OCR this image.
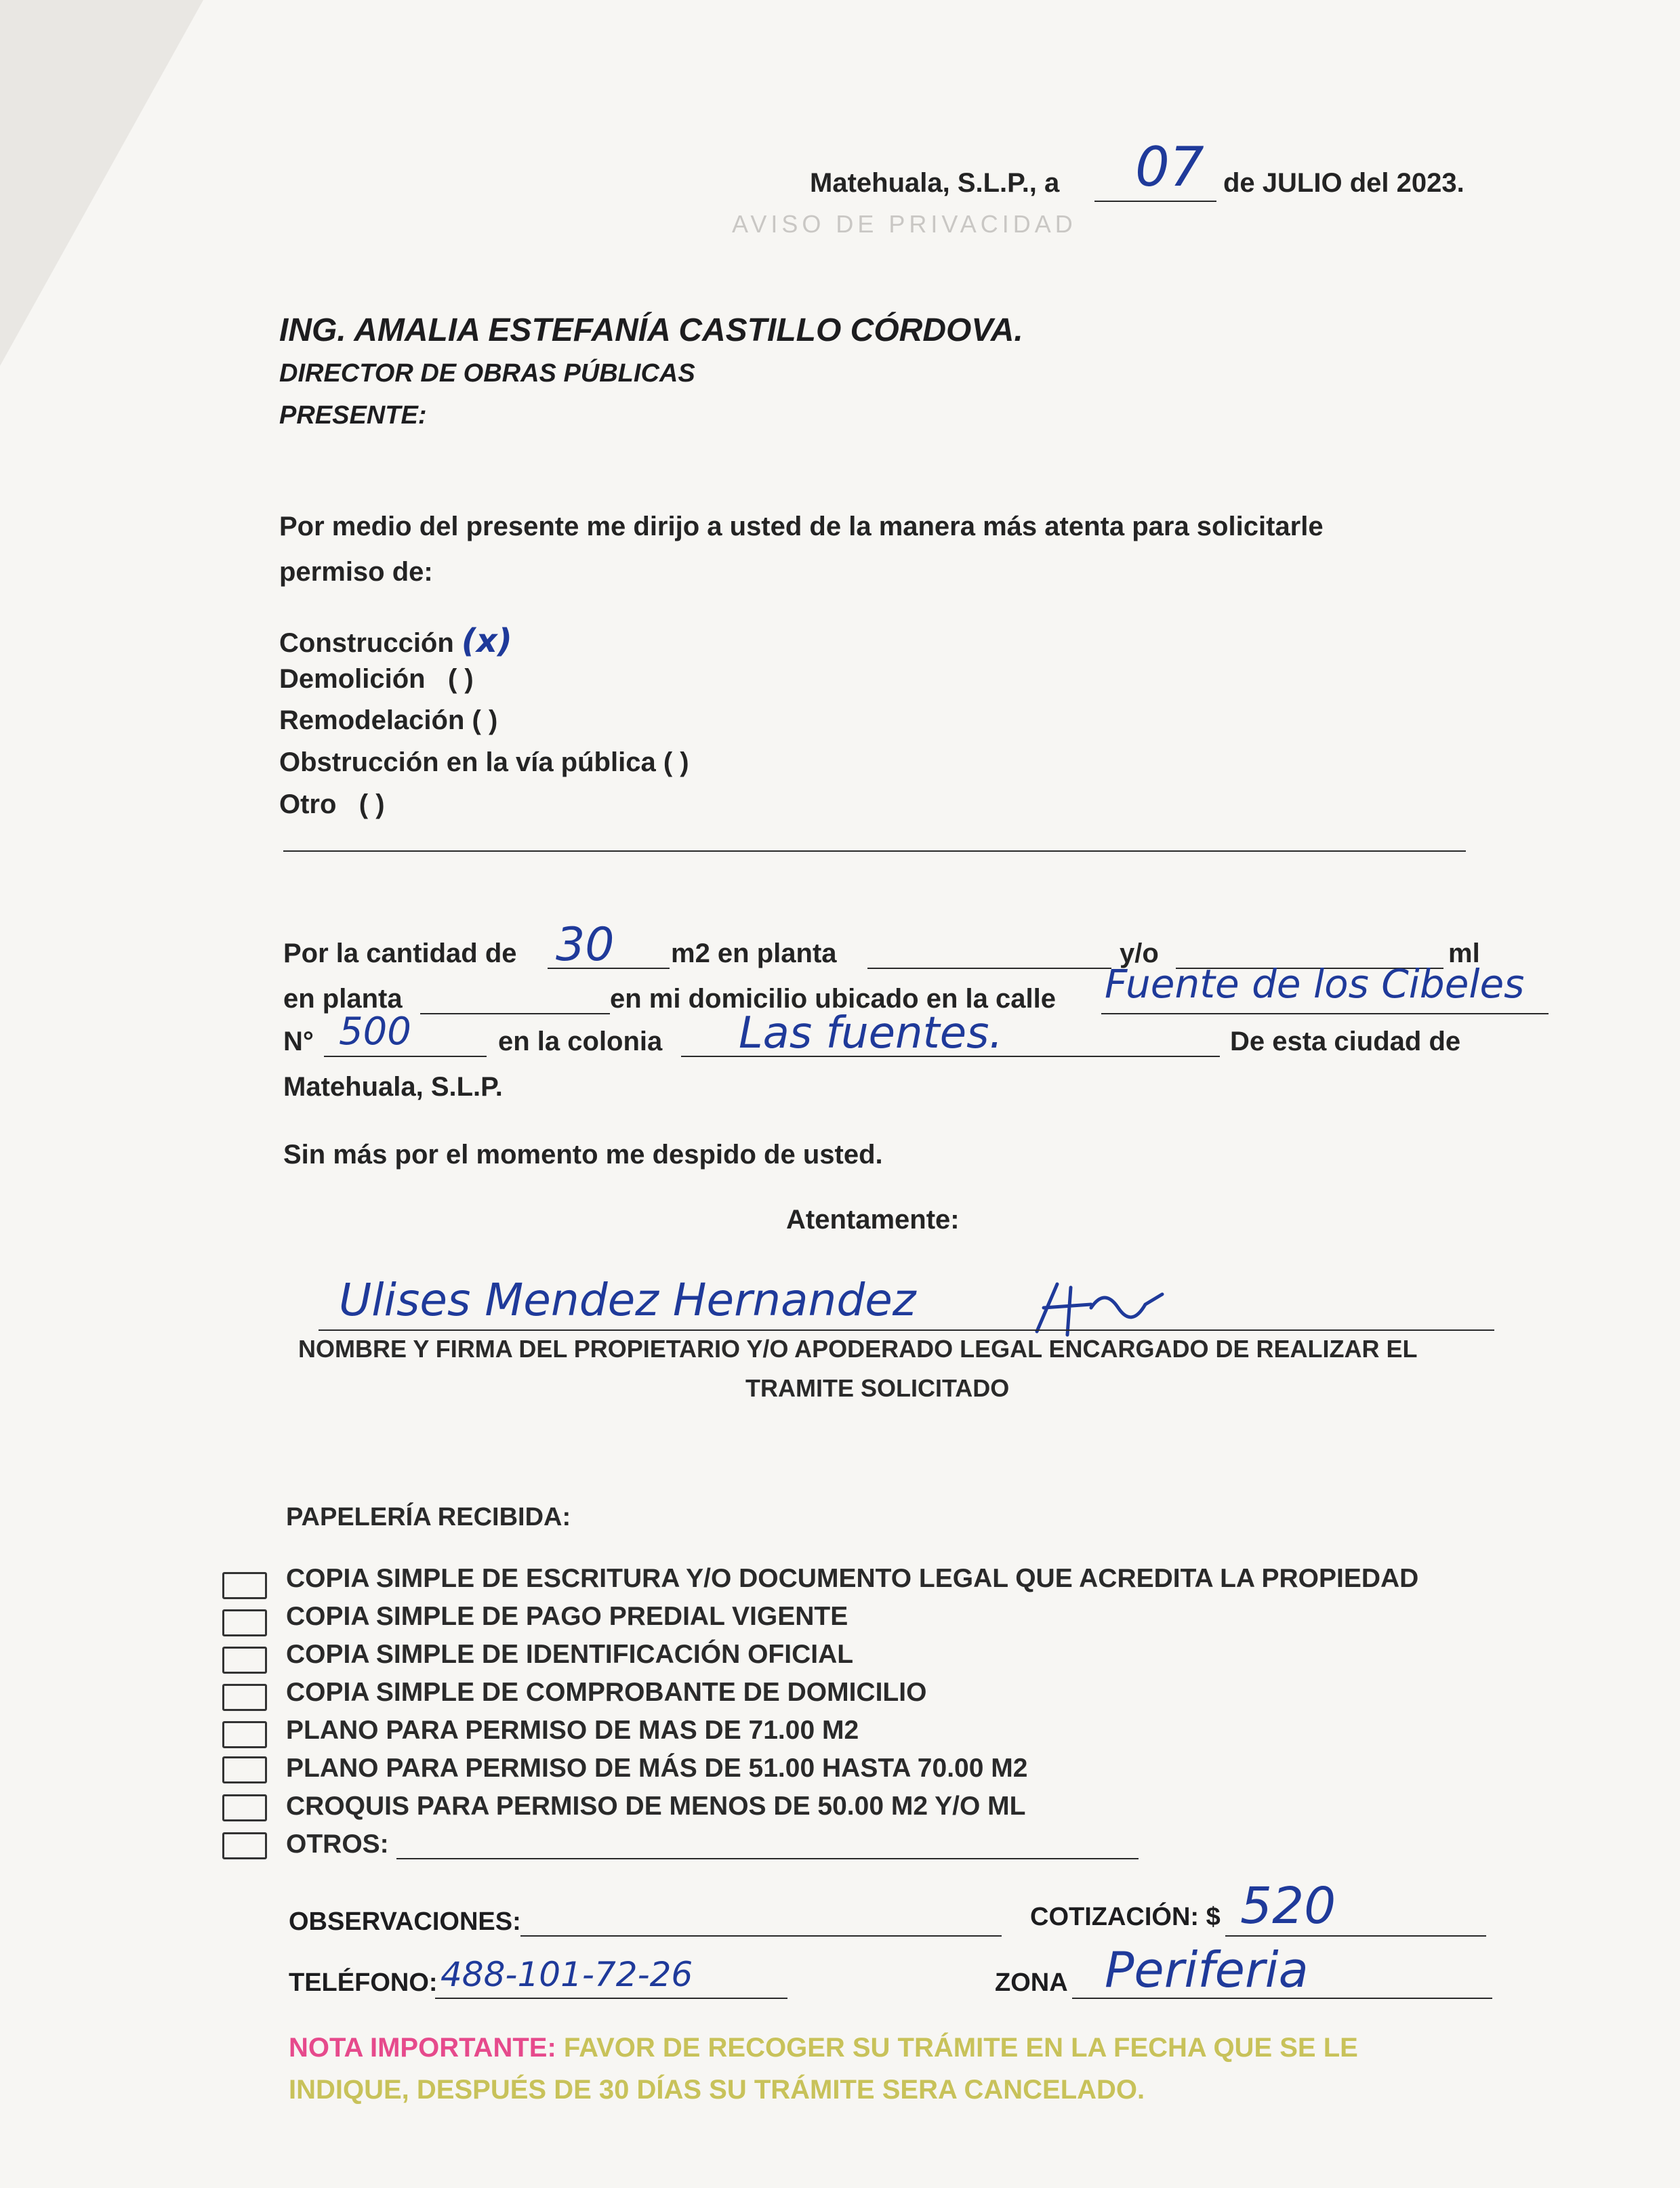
AVISO DE PRIVACIDAD
Matehuala, S.L.P., a 07 de JULIO del 2023.
ING. AMALIA ESTEFANÍA CASTILLO CÓRDOVA.
DIRECTOR DE OBRAS PÚBLICAS
PRESENTE:
Por medio del presente me dirijo a usted de la manera más atenta para solicitarle
permiso de:
Construcción (x)
Demolición ( )
Remodelación ( )
Obstrucción en la vía pública ( )
Otro ( )
Por la cantidad de 30 m2 en planta	y/o	ml
en planta	en mi domicilio ubicado en la calle Fuente de los Cibeles
N° 500	en la colonia Las fuentes.	De esta ciudad de
Matehuala, S.L.P.
Sin más por el momento me despido de usted.
Atentamente:
Ulises Mendez Hernandez
NOMBRE Y FIRMA DEL PROPIETARIO Y/O APODERADO LEGAL ENCARGADO DE REALIZAR EL
TRAMITE SOLICITADO
PAPELERÍA RECIBIDA:
COPIA SIMPLE DE ESCRITURA Y/O DOCUMENTO LEGAL QUE ACREDITA LA PROPIEDAD
COPIA SIMPLE DE PAGO PREDIAL VIGENTE
COPIA SIMPLE DE IDENTIFICACIÓN OFICIAL
COPIA SIMPLE DE COMPROBANTE DE DOMICILIO
PLANO PARA PERMISO DE MAS DE 71.00 M2
PLANO PARA PERMISO DE MÁS DE 51.00 HASTA 70.00 M2
CROQUIS PARA PERMISO DE MENOS DE 50.00 M2 Y/O ML
OTROS:
OBSERVACIONES:	COTIZACIÓN: $ 520
TELÉFONO: 488-101-72-26	ZONA Periferia
NOTA IMPORTANTE: FAVOR DE RECOGER SU TRÁMITE EN LA FECHA QUE SE LE
INDIQUE, DESPUÉS DE 30 DÍAS SU TRÁMITE SERA CANCELADO.
